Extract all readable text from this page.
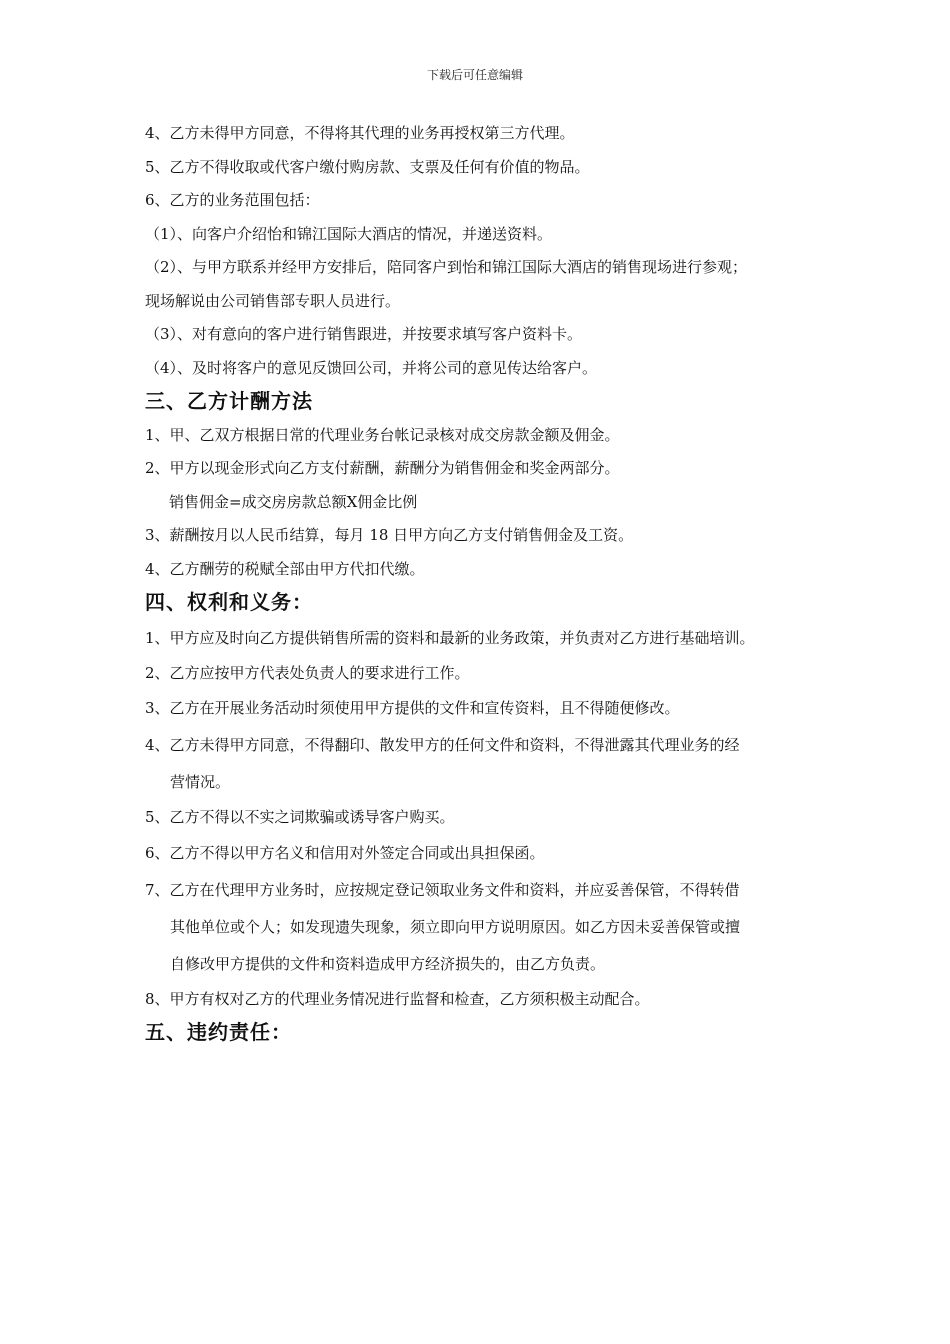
下载后可任意编辑
4、乙方未得甲方同意，不得将其代理的业务再授权第三方代理。
5、乙方不得收取或代客户缴付购房款、支票及任何有价值的物品。
6、乙方的业务范围包括：
（1）、向客户介绍怡和锦江国际大酒店的情况，并递送资料。
（2）、与甲方联系并经甲方安排后，陪同客户到怡和锦江国际大酒店的销售现场进行参观；
现场解说由公司销售部专职人员进行。
（3）、对有意向的客户进行销售跟进，并按要求填写客户资料卡。
（4）、及时将客户的意见反馈回公司，并将公司的意见传达给客户。
三、乙方计酬方法
1、甲、乙双方根据日常的代理业务台帐记录核对成交房款金额及佣金。
2、甲方以现金形式向乙方支付薪酬，薪酬分为销售佣金和奖金两部分。
销售佣金=成交房房款总额Ⅹ佣金比例
3、薪酬按月以人民币结算，每月 18 日甲方向乙方支付销售佣金及工资。
4、乙方酬劳的税赋全部由甲方代扣代缴。
四、权利和义务：
1、甲方应及时向乙方提供销售所需的资料和最新的业务政策，并负责对乙方进行基础培训。
2、乙方应按甲方代表处负责人的要求进行工作。
3、乙方在开展业务活动时须使用甲方提供的文件和宣传资料，且不得随便修改。
4、乙方未得甲方同意，不得翻印、散发甲方的任何文件和资料，不得泄露其代理业务的经
营情况。
5、乙方不得以不实之词欺骗或诱导客户购买。
6、乙方不得以甲方名义和信用对外签定合同或出具担保函。
7、乙方在代理甲方业务时，应按规定登记领取业务文件和资料，并应妥善保管，不得转借
其他单位或个人；如发现遗失现象，须立即向甲方说明原因。如乙方因未妥善保管或擅
自修改甲方提供的文件和资料造成甲方经济损失的，由乙方负责。
8、甲方有权对乙方的代理业务情况进行监督和检查，乙方须积极主动配合。
五、违约责任：
